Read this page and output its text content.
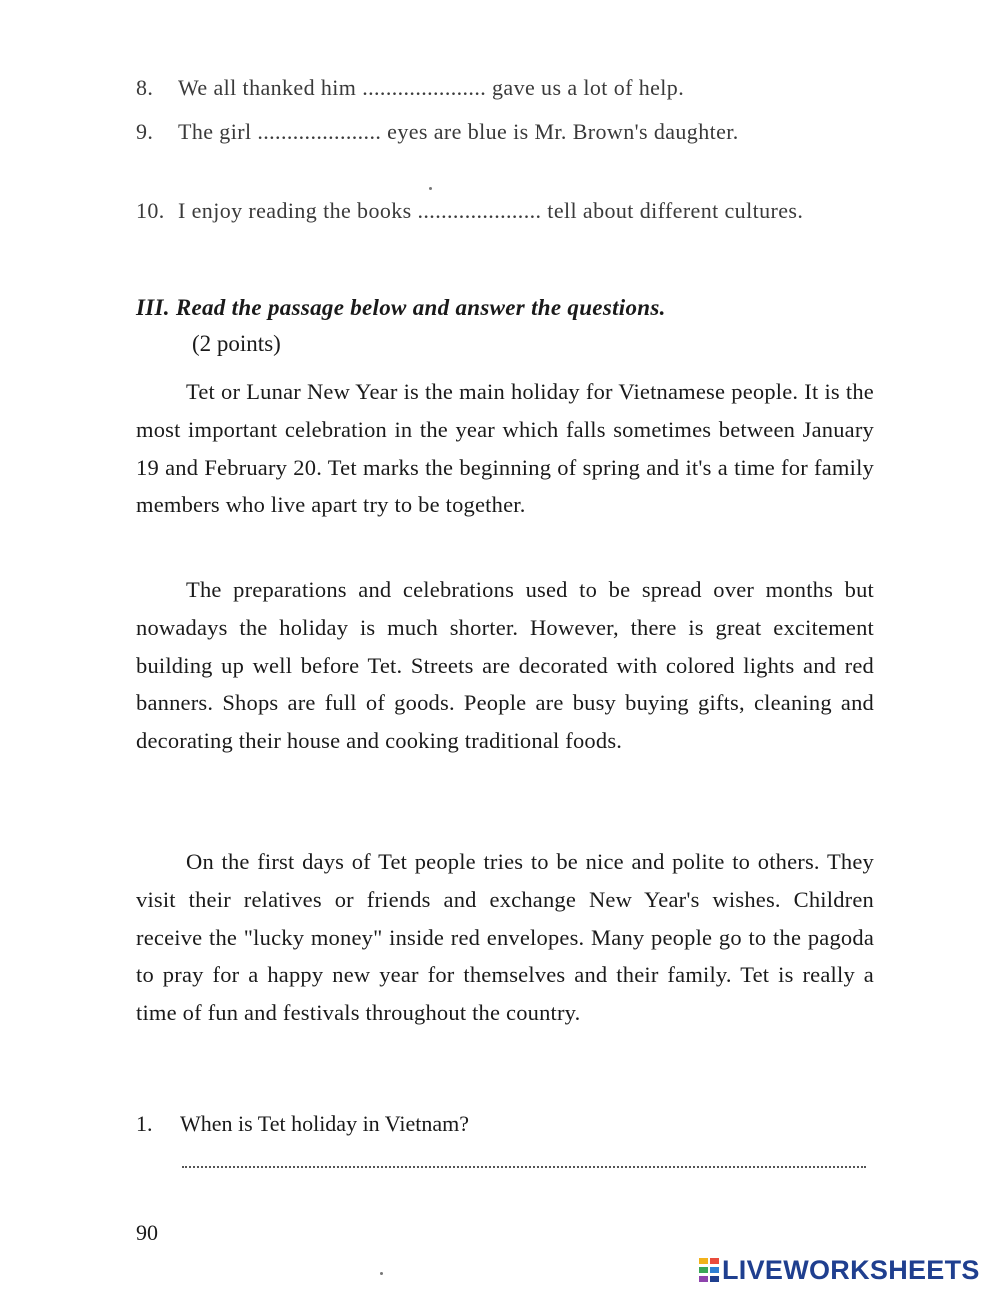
8. We all thanked him ..................... gave us a lot of help.
9. The girl ..................... eyes are blue is Mr. Brown's daughter.
10. I enjoy reading the books ..................... tell about different cultures.
III. Read the passage below and answer the questions.
(2 points)
Tet or Lunar New Year is the main holiday for Vietnamese people. It is the most important celebration in the year which falls sometimes between January 19 and February 20. Tet marks the beginning of spring and it's a time for family members who live apart try to be together.
The preparations and celebrations used to be spread over months but nowadays the holiday is much shorter. However, there is great excitement building up well before Tet. Streets are decorated with colored lights and red banners. Shops are full of goods. People are busy buying gifts, cleaning and decorating their house and cooking traditional foods.
On the first days of Tet people tries to be nice and polite to others. They visit their relatives or friends and exchange New Year's wishes. Children receive the "lucky money" inside red envelopes. Many people go to the pagoda to pray for a happy new year for themselves and their family. Tet is really a time of fun and festivals throughout the country.
1. When is Tet holiday in Vietnam?
90
LIVEWORKSHEETS
